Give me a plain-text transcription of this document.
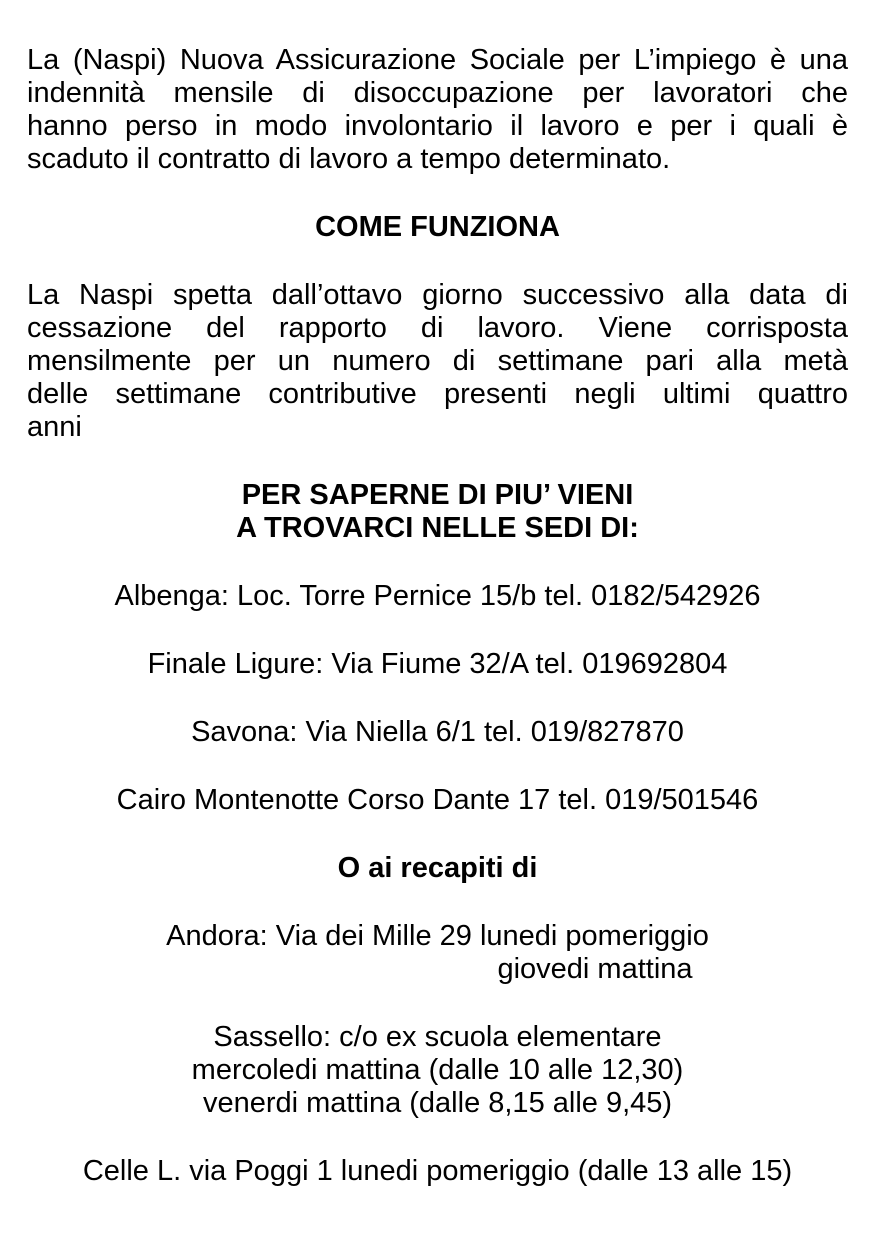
La (Naspi) Nuova Assicurazione Sociale per L’impiego è una
indennità mensile di disoccupazione per lavoratori che
hanno perso in modo involontario il lavoro e per i quali è
scaduto il contratto di lavoro a tempo determinato.
COME FUNZIONA
La Naspi spetta dall’ottavo giorno successivo alla data di
cessazione del rapporto di lavoro. Viene corrisposta
mensilmente per un numero di settimane pari alla metà
delle settimane contributive presenti negli ultimi quattro
anni
PER SAPERNE DI PIU’ VIENI
A TROVARCI NELLE SEDI DI:
Albenga: Loc. Torre Pernice 15/b tel. 0182/542926
Finale Ligure: Via Fiume 32/A tel. 019692804
Savona: Via Niella 6/1 tel. 019/827870
Cairo Montenotte Corso Dante 17 tel. 019/501546
O ai recapiti di
Andora: Via dei Mille 29 lunedi pomeriggio
giovedi mattina
Sassello: c/o ex scuola elementare
mercoledi mattina (dalle 10 alle 12,30)
venerdi mattina (dalle 8,15 alle 9,45)
Celle L. via Poggi 1 lunedi pomeriggio (dalle 13 alle 15)
